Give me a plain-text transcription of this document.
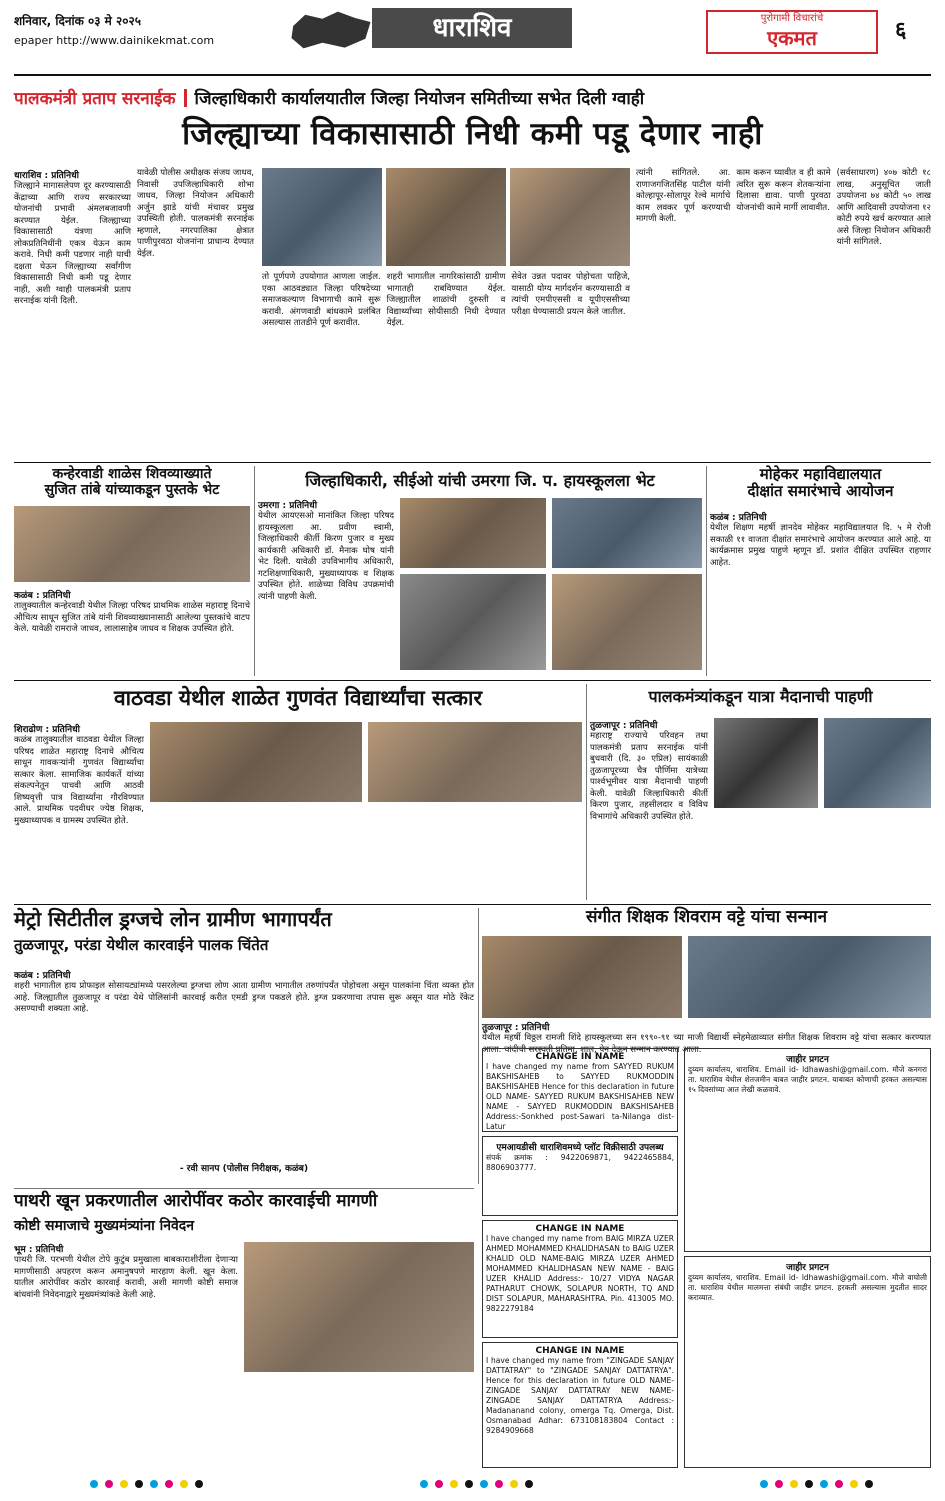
शनिवार, दिनांक ०३ मे २०२५
epaper http://www.dainikekmat.com	धाराशिव	पुरोगामी विचारांचे
एकमत	६
पालकमंत्री प्रताप सरनाईक जिल्हाधिकारी कार्यालयातील जिल्हा नियोजन समितीच्या सभेत दिली ग्वाही
जिल्ह्याच्या विकासासाठी निधी कमी पडू देणार नाही
धाराशिव : प्रतिनिधी
जिल्ह्याने मागासलेपण दूर करण्यासाठी केंद्राच्या आणि राज्य सरकारच्या योजनांची प्रभावी अंमलबजावणी करण्यात येईल. जिल्ह्याच्या विकासासाठी यंत्रणा आणि लोकप्रतिनिधींनी एकत्र येऊन काम करावे. निधी कमी पडणार नाही याची दक्षता घेऊन जिल्ह्याच्या सर्वांगीण विकासासाठी निधी कमी पडू देणार नाही, अशी ग्वाही पालकमंत्री प्रताप सरनाईक यांनी दिली.
यावेळी पोलीस अधीक्षक संजय जाधव, निवासी उपजिल्हाधिकारी शोभा जाधव, जिल्हा नियोजन अधिकारी अर्जुन झाडे यांची मंचावर प्रमुख उपस्थिती होती. पालकमंत्री सरनाईक म्हणाले, नगरपालिका क्षेत्रात पाणीपुरवठा योजनांना प्राधान्य देण्यात येईल.
तो पूर्णपणे उपयोगात आणला जाईल. एका आठवड्यात जिल्हा परिषदेच्या समाजकल्याण विभागाची कामे सुरू करावी. अंगणवाडी बांधकामे प्रलंबित असल्यास तातडीने पूर्ण करावीत.
शहरी भागातील नागरिकांसाठी ग्रामीण भागातही राबविण्यात येईल. जिल्ह्यातील शाळांची दुरुस्ती व विद्यार्थ्यांच्या सोयीसाठी निधी देण्यात येईल.
सेवेत उन्नत पदावर पोहोचता पाहिजे, यासाठी योग्य मार्गदर्शन करण्यासाठी व त्यांची एमपीएससी व यूपीएससीच्या परीक्षा घेण्यासाठी प्रयत्न केले जातील.
त्यांनी सांगितले. आ. राणाजगजितसिंह पाटील यांनी कोल्हापूर-सोलापूर रेल्वे मार्गाचे काम लवकर पूर्ण करण्याची मागणी केली.
काम करून घ्यावीत व ही कामे त्वरित सुरू करून शेतकऱ्यांना दिलासा द्यावा. पाणी पुरवठा योजनांची कामे मार्गी लावावीत.
(सर्वसाधारण) ४०७ कोटी १८ लाख, अनुसूचित जाती उपयोजना ७४ कोटी ५० लाख आणि आदिवासी उपयोजना १२ कोटी रुपये खर्च करण्यात आले असे जिल्हा नियोजन अधिकारी यांनी सांगितले.
कन्हेरवाडी शाळेस शिवव्याख्याते
सुजित तांबे यांच्याकडून पुस्तके भेट
कळंब : प्रतिनिधी
तालुक्यातील कन्हेरवाडी येथील जिल्हा परिषद प्राथमिक शाळेस महाराष्ट्र दिनाचे औचित्य साधून सुजित तांबे यांनी शिवव्याख्यानासाठी आलेल्या पुस्तकांचे वाटप केले. यावेळी रामराजे जाधव, लालासाहेब जाधव व शिक्षक उपस्थित होते.
जिल्हाधिकारी, सीईओ यांची उमरगा जि. प. हायस्कूलला भेट
उमरगा : प्रतिनिधी
येथील आयएसओ मानांकित जिल्हा परिषद हायस्कूलला आ. प्रवीण स्वामी, जिल्हाधिकारी कीर्ती किरण पुजार व मुख्य कार्यकारी अधिकारी डॉ. मैनाक घोष यांनी भेट दिली. यावेळी उपविभागीय अधिकारी, गटशिक्षणाधिकारी, मुख्याध्यापक व शिक्षक उपस्थित होते. शाळेच्या विविध उपक्रमांची त्यांनी पाहणी केली.
मोहेकर महाविद्यालयात
दीक्षांत समारंभाचे आयोजन
कळंब : प्रतिनिधी
येथील शिक्षण महर्षी ज्ञानदेव मोहेकर महाविद्यालयात दि. ५ मे रोजी सकाळी ११ वाजता दीक्षांत समारंभाचे आयोजन करण्यात आले आहे. या कार्यक्रमास प्रमुख पाहुणे म्हणून डॉ. प्रशांत दीक्षित उपस्थित राहणार आहेत.
वाठवडा येथील शाळेत गुणवंत विद्यार्थ्यांचा सत्कार
शिराढोण : प्रतिनिधी
कळंब तालुक्यातील वाठवडा येथील जिल्हा परिषद शाळेत महाराष्ट्र दिनाचे औचित्य साधून गावकऱ्यांनी गुणवंत विद्यार्थ्यांचा सत्कार केला. सामाजिक कार्यकर्ते यांच्या संकल्पनेतून पाचवी आणि आठवी शिष्यवृत्ती पात्र विद्यार्थ्यांना गौरविण्यात आले. प्राथमिक पदवीधर ज्येष्ठ शिक्षक, मुख्याध्यापक व ग्रामस्थ उपस्थित होते.
पालकमंत्र्यांकडून यात्रा मैदानाची पाहणी
तुळजापूर : प्रतिनिधी
महाराष्ट्र राज्याचे परिवहन तथा पालकमंत्री प्रताप सरनाईक यांनी बुधवारी (दि. ३० एप्रिल) सायंकाळी तुळजापूरच्या चैत्र पौर्णिमा यात्रेच्या पार्श्वभूमीवर यात्रा मैदानाची पाहणी केली. यावेळी जिल्हाधिकारी कीर्ती किरण पुजार, तहसीलदार व विविध विभागांचे अधिकारी उपस्थित होते.
मेट्रो सिटीतील ड्रग्जचे लोन ग्रामीण भागापर्यंत
तुळजापूर, परंडा येथील कारवाईने पालक चिंतेत
कळंब : प्रतिनिधी
शहरी भागातील हाय प्रोफाइल सोसायट्यांमध्ये पसरलेल्या ड्रग्जचा लोण आता ग्रामीण भागातील तरुणांपर्यंत पोहोचला असून पालकांना चिंता व्यक्त होत आहे. जिल्ह्यातील तुळजापूर व परंडा येथे पोलिसांनी कारवाई करीत एमडी ड्रग्ज पकडले होते. ड्रग्ज प्रकरणाचा तपास सुरू असून यात मोठे रॅकेट असण्याची शक्यता आहे.
- रवी सानप (पोलीस निरीक्षक, कळंब)
संगीत शिक्षक शिवराम वट्टे यांचा सन्मान
तुळजापूर : प्रतिनिधी
येथील महर्षी विठ्ठल रामजी शिंदे हायस्कूलच्या सन १९९०-९१ च्या माजी विद्यार्थी स्नेहमेळाव्यात संगीत शिक्षक शिवराम वट्टे यांचा सत्कार करण्यात आला. चांदीची सरस्वती प्रतिमा, शाल, पेन देऊन सन्मान करण्यात आला.
CHANGE IN NAME
I have changed my name from SAYYED RUKUM BAKSHISAHEB to SAYYED RUKMODDIN BAKSHISAHEB Hence for this declaration in future OLD NAME- SAYYED RUKUM BAKSHISAHEB NEW NAME - SAYYED RUKMODDIN BAKSHISAHEB Address:-Sonkhed post-Sawari ta-Nilanga dist- Latur
एमआयडीसी धाराशिवमध्ये प्लॉट विक्रीसाठी उपलब्ध
संपर्क क्रमांक : 9422069871, 9422465884, 8806903777.
CHANGE IN NAME
I have changed my name from BAIG MIRZA UZER AHMED MOHAMMED KHALIDHASAN to BAIG UZER KHALID OLD NAME-BAIG MIRZA UZER AHMED MOHAMMED KHALIDHASAN NEW NAME - BAIG UZER KHALID Address:- 10/27 VIDYA NAGAR PATHARUT CHOWK, SOLAPUR NORTH, TQ AND DIST SOLAPUR, MAHARASHTRA. Pin. 413005 MO. 9822279184
CHANGE IN NAME
I have changed my name from "ZINGADE SANJAY DATTATRAY" to "ZINGADE SANJAY DATTATRYA". Hence for this declaration in future OLD NAME- ZINGADE SANJAY DATTATRAY NEW NAME- ZINGADE SANJAY DATTATRYA Address:- Madananand colony, omerga Tq. Omerga, Dist. Osmanabad Adhar: 673108183804 Contact : 9284909668
जाहीर प्रगटन
दुय्यम कार्यालय, धाराशिव. Email id- ldhawashi@gmail.com. मौजे कनगरा ता. धाराशिव येथील शेतजमीन बाबत जाहीर प्रगटन. याबाबत कोणाची हरकत असल्यास १५ दिवसांच्या आत लेखी कळवावे.
जाहीर प्रगटन
दुय्यम कार्यालय, धाराशिव. Email id- ldhawashi@gmail.com. मौजे वाघोली ता. धाराशिव येथील मालमत्ता संबंधी जाहीर प्रगटन. हरकती असल्यास मुदतीत सादर कराव्यात.
पाथरी खून प्रकरणातील आरोपींवर कठोर कारवाईची मागणी
कोष्टी समाजाचे मुख्यमंत्र्यांना निवेदन
भूम : प्रतिनिधी
पाथरी जि. परभणी येथील टोपे कुटुंब प्रमुखाला बाबकाराशीरीला देणाऱ्या मागणीसाठी अपहरण करून अमानुषपणे मारहाण केली. खून केला. यातील आरोपींवर कठोर कारवाई करावी, अशी मागणी कोष्टी समाज बांधवांनी निवेदनाद्वारे मुख्यमंत्र्यांकडे केली आहे.
